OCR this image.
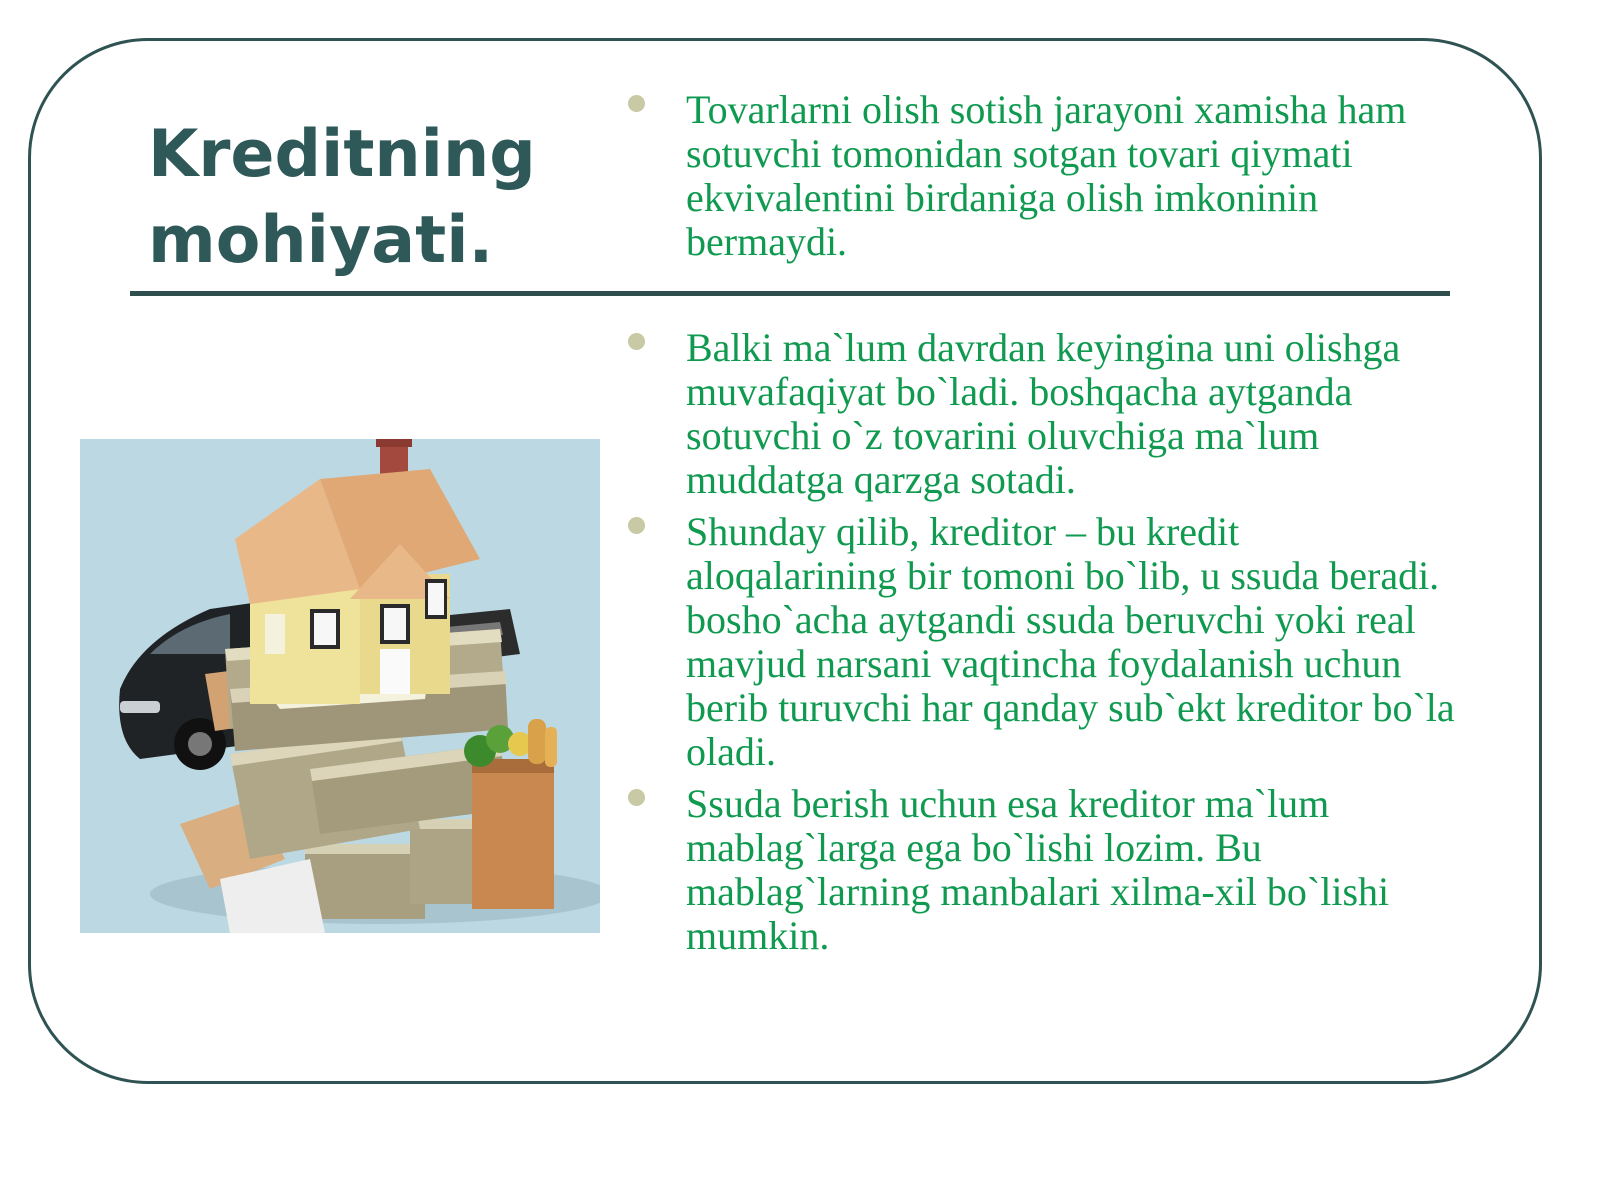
Kreditning mohiyati.
Tovarlarni olish sotish jarayoni xamisha ham sotuvchi tomonidan sotgan tovari qiymati ekvivalentini birdaniga olish imkoninin bermaydi.
Balki ma`lum davrdan keyingina uni olishga muvafaqiyat bo`ladi. boshqacha aytganda sotuvchi o`z tovarini oluvchiga ma`lum muddatga qarzga sotadi.
Shunday qilib, kreditor – bu kredit aloqalarining bir tomoni bo`lib, u ssuda beradi. bosho`acha aytgandi ssuda beruvchi yoki real mavjud narsani vaqtincha foydalanish uchun berib turuvchi har qanday sub`ekt kreditor bo`la oladi.
Ssuda berish uchun esa kreditor ma`lum mablag`larga ega bo`lishi lozim. Bu mablag`larning manbalari xilma-xil bo`lishi mumkin.
